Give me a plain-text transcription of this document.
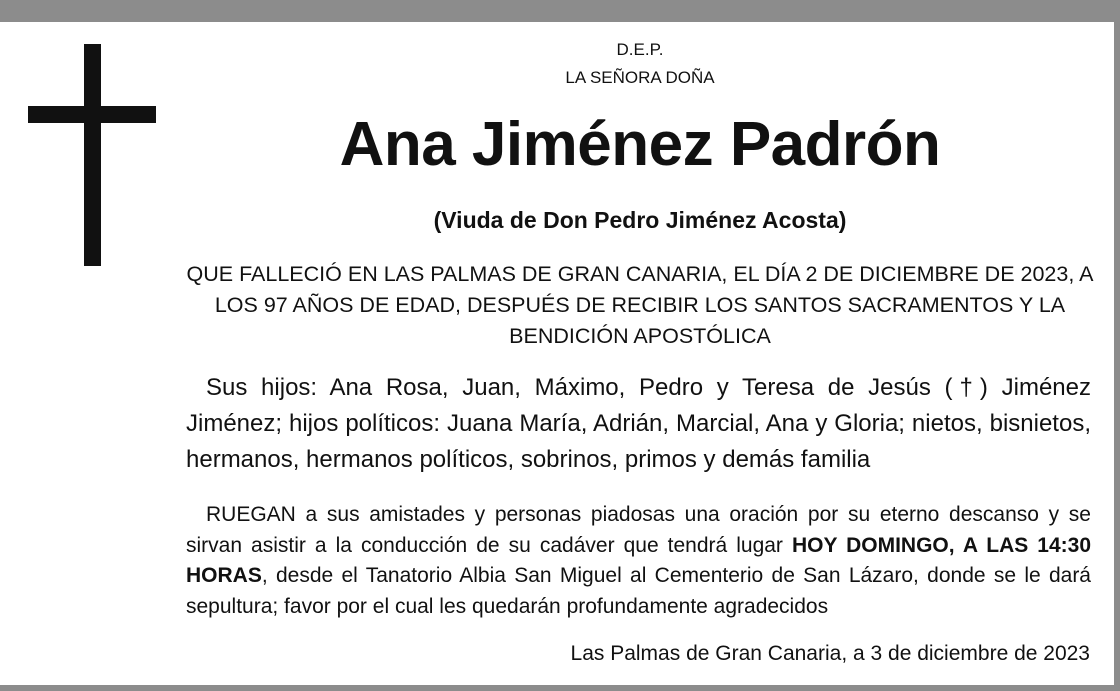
D.E.P.
LA SEÑORA DOÑA
Ana Jiménez Padrón
(Viuda de Don Pedro Jiménez Acosta)
QUE FALLECIÓ EN LAS PALMAS DE GRAN CANARIA, EL DÍA 2 DE DICIEMBRE DE 2023, A LOS 97 AÑOS DE EDAD, DESPUÉS DE RECIBIR LOS SANTOS SACRAMENTOS Y LA BENDICIÓN APOSTÓLICA
Sus hijos: Ana Rosa, Juan, Máximo, Pedro y Teresa de Jesús (†) Jiménez Jiménez; hijos políticos: Juana María, Adrián, Marcial, Ana y Gloria; nietos, bisnietos, hermanos, hermanos políticos, sobrinos, primos y demás familia
RUEGAN a sus amistades y personas piadosas una oración por su eterno descanso y se sirvan asistir a la conducción de su cadáver que tendrá lugar HOY DOMINGO, A LAS 14:30 HORAS, desde el Tanatorio Albia San Miguel al Cementerio de San Lázaro, donde se le dará sepultura; favor por el cual les quedarán profundamente agradecidos
Las Palmas de Gran Canaria, a 3 de diciembre de 2023
